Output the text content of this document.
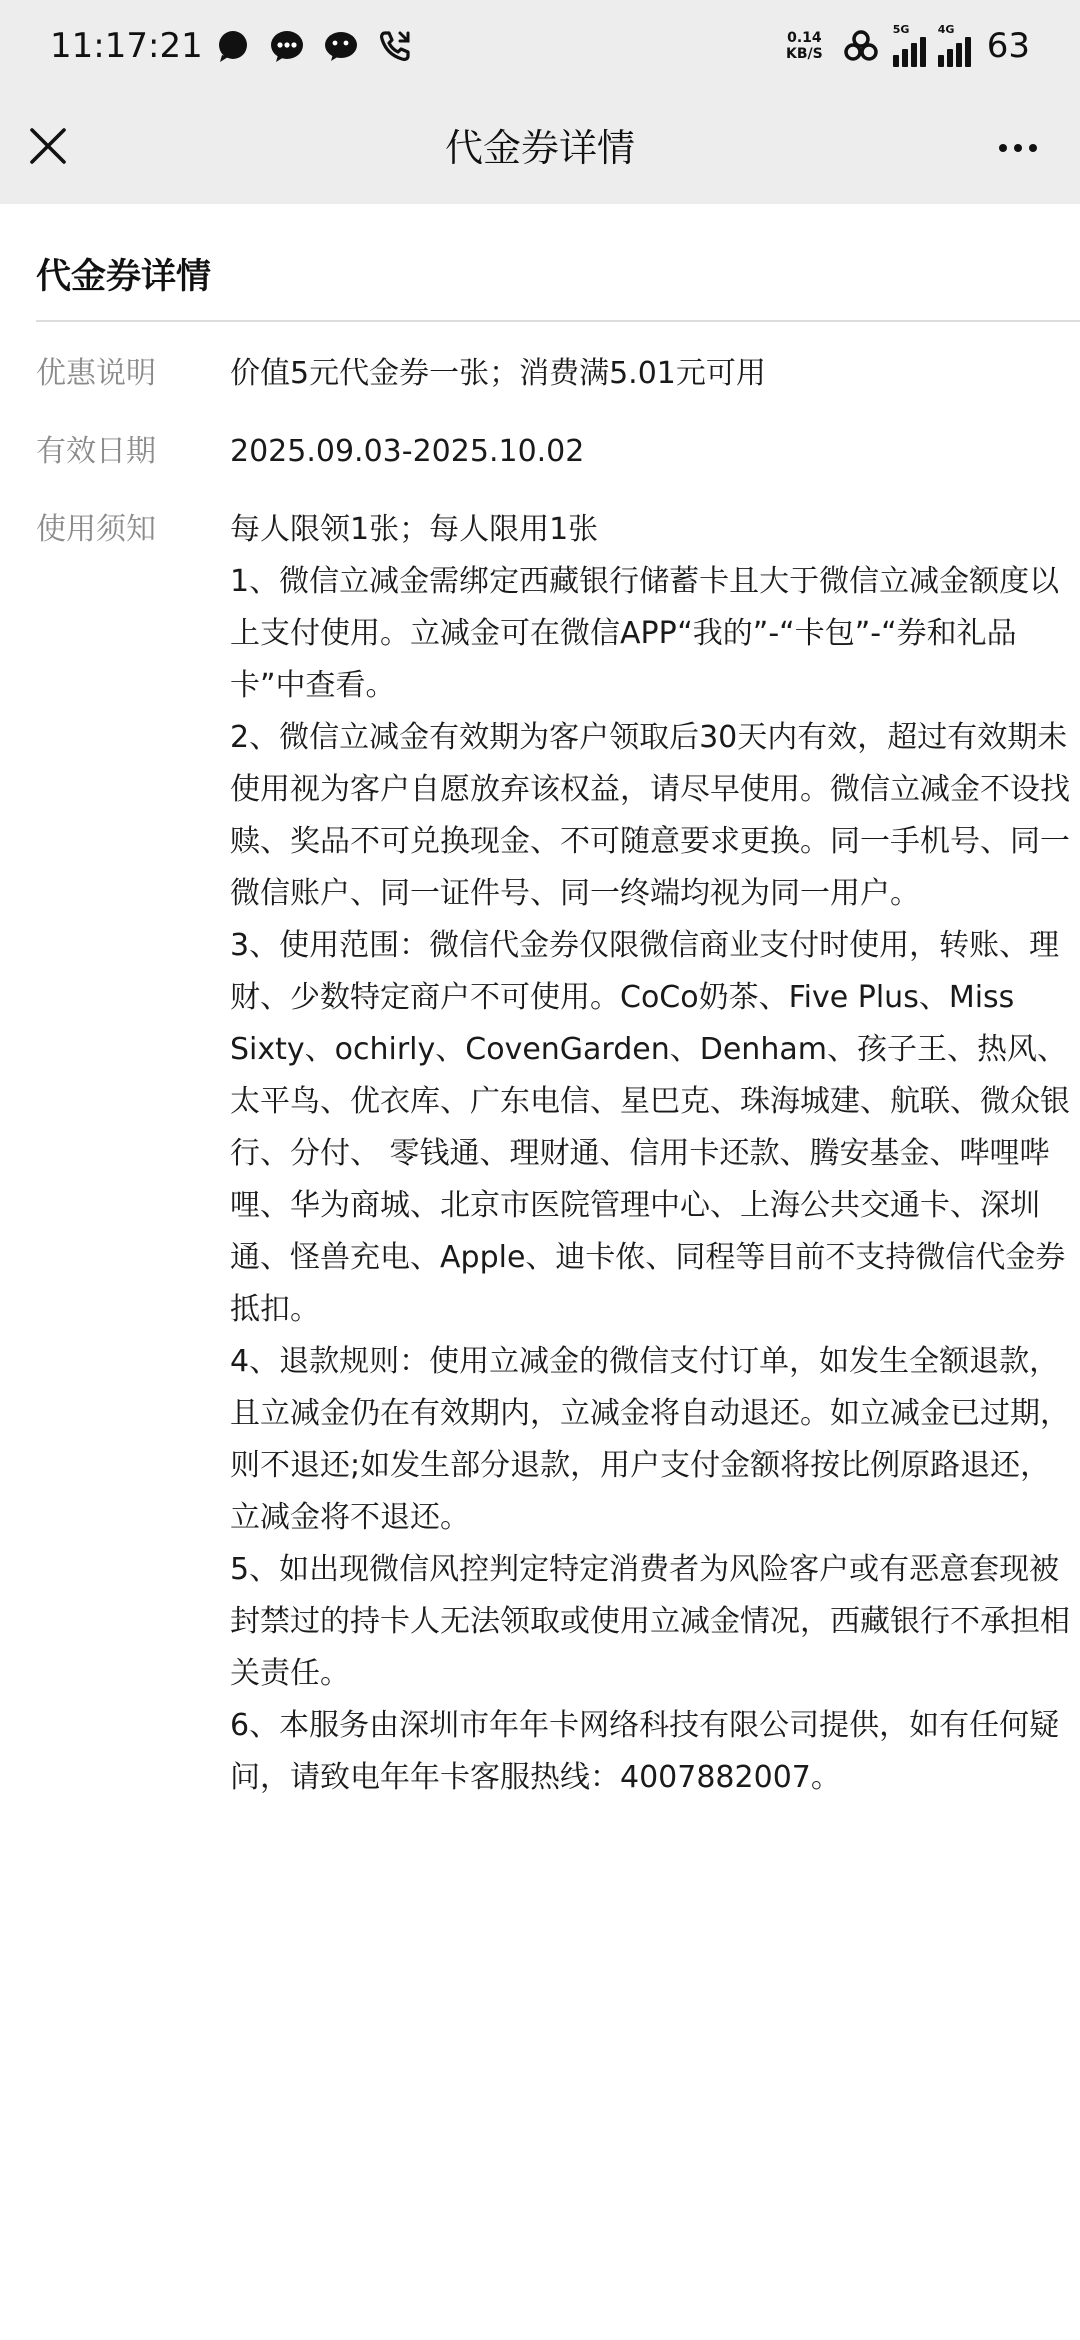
11:17:21	0.14
KB/S
5G	4G 63
代金券详情
代金券详情
优惠说明	价值5元代金券一张；消费满5.01元可用
有效日期	2025.09.03-2025.10.02
使用须知	每人限领1张；每人限用1张

1、微信立减金需绑定西藏银行储蓄卡且大于微信立减金额度以上支付使用。立减金可在微信APP“我的”-“卡包”-“券和礼品卡”中查看。

2、微信立减金有效期为客户领取后30天内有效，超过有效期未使用视为客户自愿放弃该权益，请尽早使用。微信立减金不设找赎、奖品不可兑换现金、不可随意要求更换。同一手机号、同一微信账户、同一证件号、同一终端均视为同一用户。

3、使用范围：微信代金券仅限微信商业支付时使用，转账、理财、少数特定商户不可使用。CoCo奶茶、Five Plus、Miss Sixty、ochirly、CovenGarden、Denham、孩子王、热风、太平鸟、优衣库、广东电信、星巴克、珠海城建、航联、微众银行、分付、 零钱通、理财通、信用卡还款、腾安基金、哔哩哔哩、华为商城、北京市医院管理中心、上海公共交通卡、深圳通、怪兽充电、Apple、迪卡侬、同程等目前不支持微信代金券抵扣。

4、退款规则：使用立减金的微信支付订单，如发生全额退款，且立减金仍在有效期内，立减金将自动退还。如立减金已过期，则不退还;如发生部分退款，用户支付金额将按比例原路退还，立减金将不退还。

5、如出现微信风控判定特定消费者为风险客户或有恶意套现被封禁过的持卡人无法领取或使用立减金情况，西藏银行不承担相关责任。

6、本服务由深圳市年年卡网络科技有限公司提供，如有任何疑问，请致电年年卡客服热线：4007882007。
